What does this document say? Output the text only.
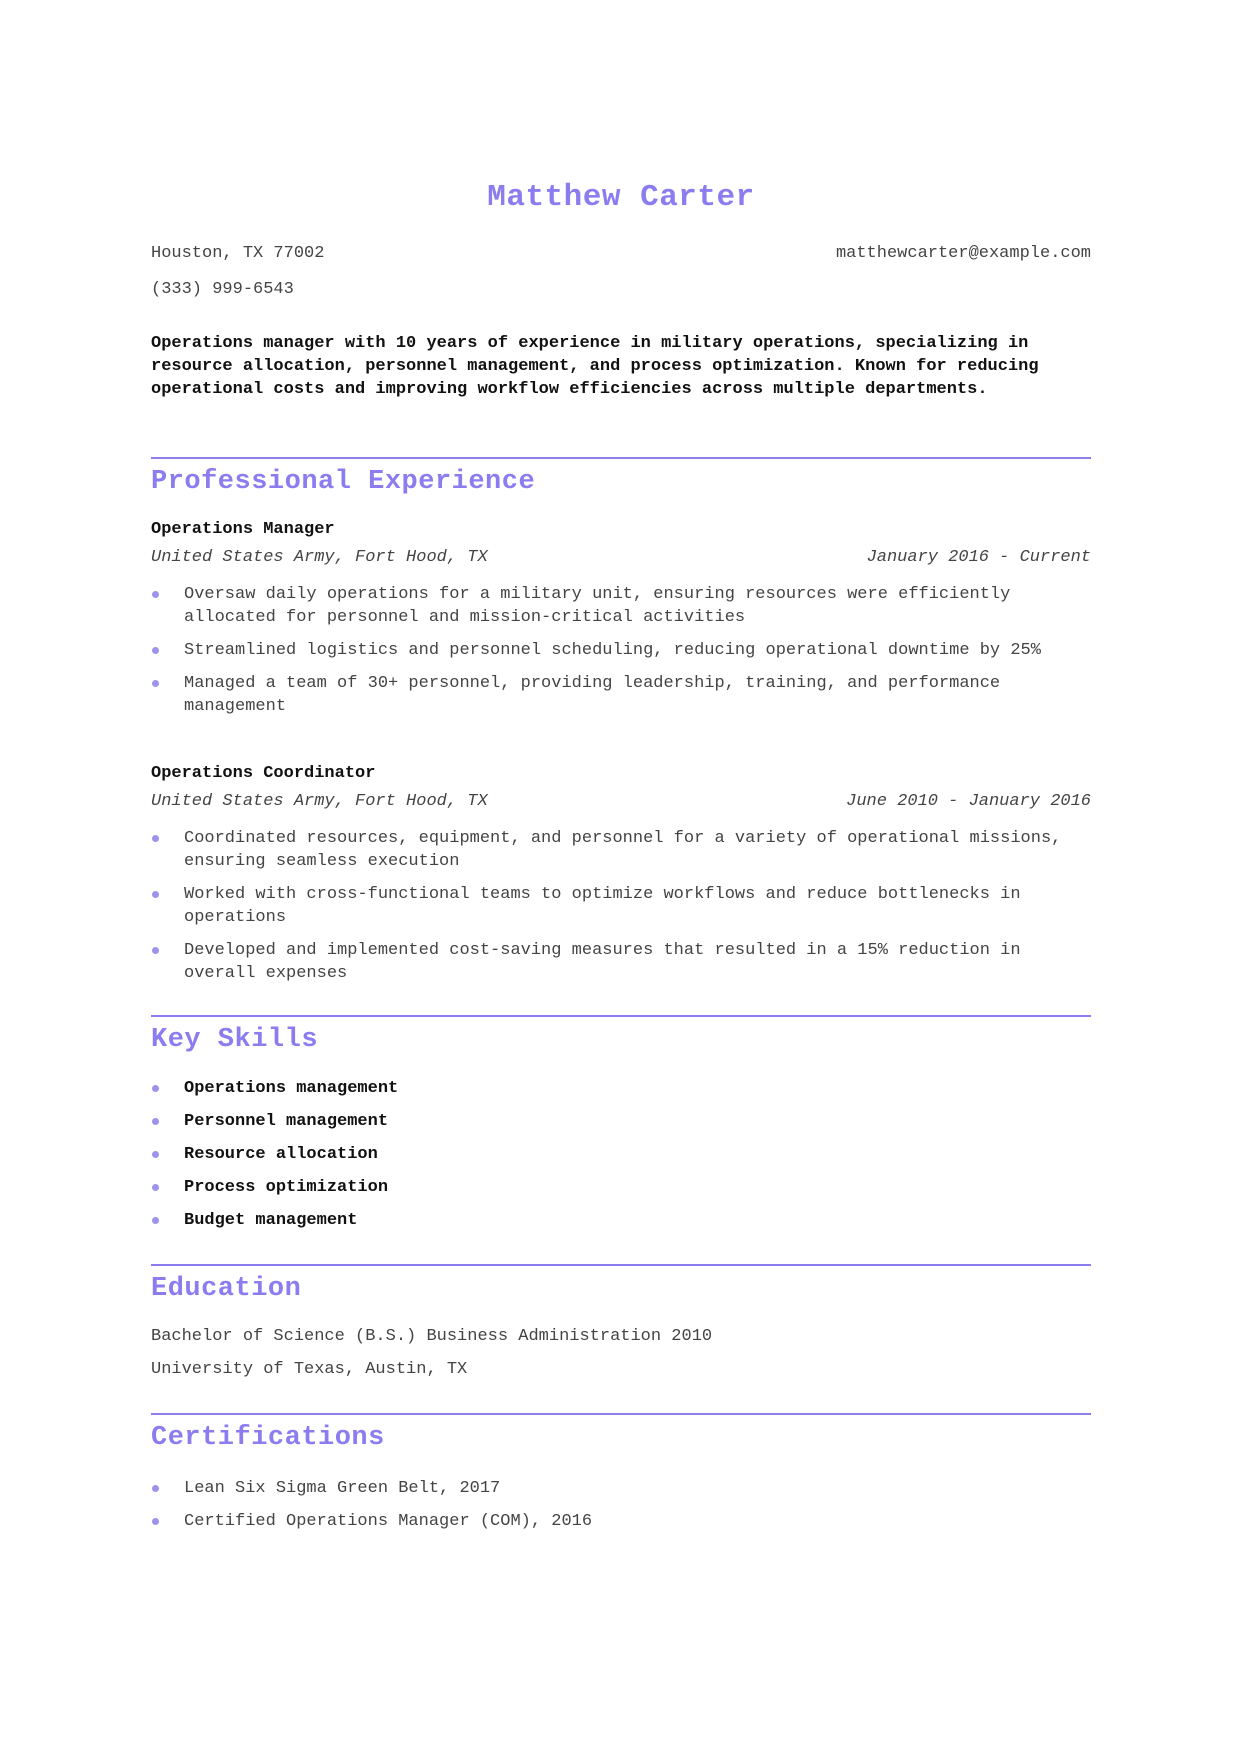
Matthew Carter
Houston, TX 77002	matthewcarter@example.com
(333) 999-6543
Operations manager with 10 years of experience in military operations, specializing in resource allocation, personnel management, and process optimization. Known for reducing operational costs and improving workflow efficiencies across multiple departments.
Professional Experience
Operations Manager
United States Army, Fort Hood, TX	January 2016 - Current
Oversaw daily operations for a military unit, ensuring resources were efficiently allocated for personnel and mission-critical activities
Streamlined logistics and personnel scheduling, reducing operational downtime by 25%
Managed a team of 30+ personnel, providing leadership, training, and performance management
Operations Coordinator
United States Army, Fort Hood, TX	June 2010 - January 2016
Coordinated resources, equipment, and personnel for a variety of operational missions, ensuring seamless execution
Worked with cross-functional teams to optimize workflows and reduce bottlenecks in operations
Developed and implemented cost-saving measures that resulted in a 15% reduction in overall expenses
Key Skills
Operations management
Personnel management
Resource allocation
Process optimization
Budget management
Education
Bachelor of Science (B.S.) Business Administration 2010
University of Texas, Austin, TX
Certifications
Lean Six Sigma Green Belt, 2017
Certified Operations Manager (COM), 2016
